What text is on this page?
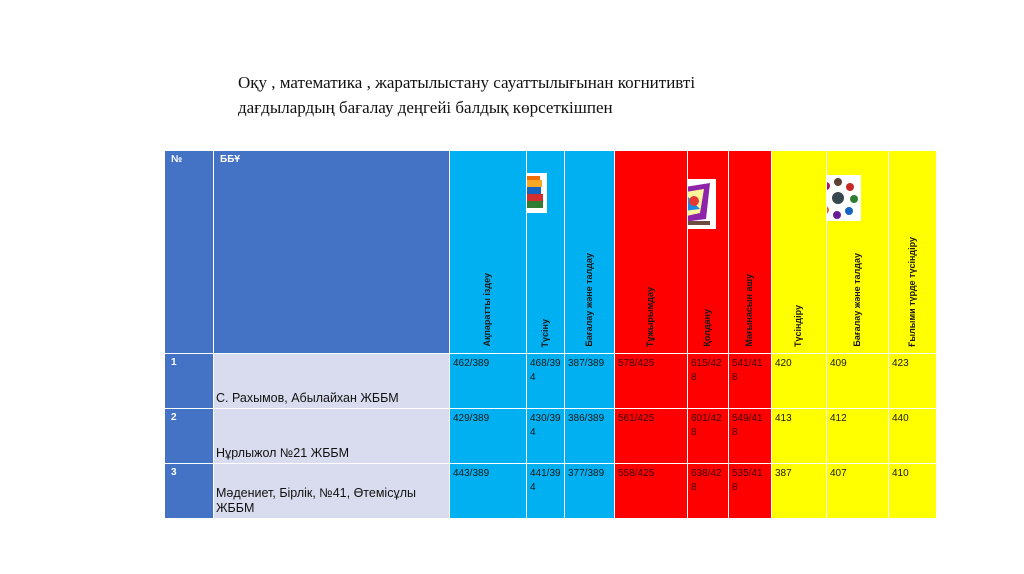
Оқу , математика , жаратылыстану сауаттылығынан когнитивті
дағдылардың бағалау деңгейі балдық көрсеткішпен
№	ББҰ	Ақпаратты іздеу	Түсіну	Бағалау және талдау	Тұжырымдау	Қолдану	Мағынасын ашу	Түсіндіру	Бағалау және талдау	Ғылыми түрде түсіндіру

1	С. Рахымов, Абылайхан ЖББМ	462/389	468/394	387/389	578/425	615/428	541/418	420	409	423
2	Нұрлыжол №21 ЖББМ	429/389	430/394	386/389	561/425	601/428	549/418	413	412	440
3	Мәдениет, Бірлік, №41, Өтемісұлы ЖББМ	443/389	441/394	377/389	558/425	638/428	535/418	387	407	410
